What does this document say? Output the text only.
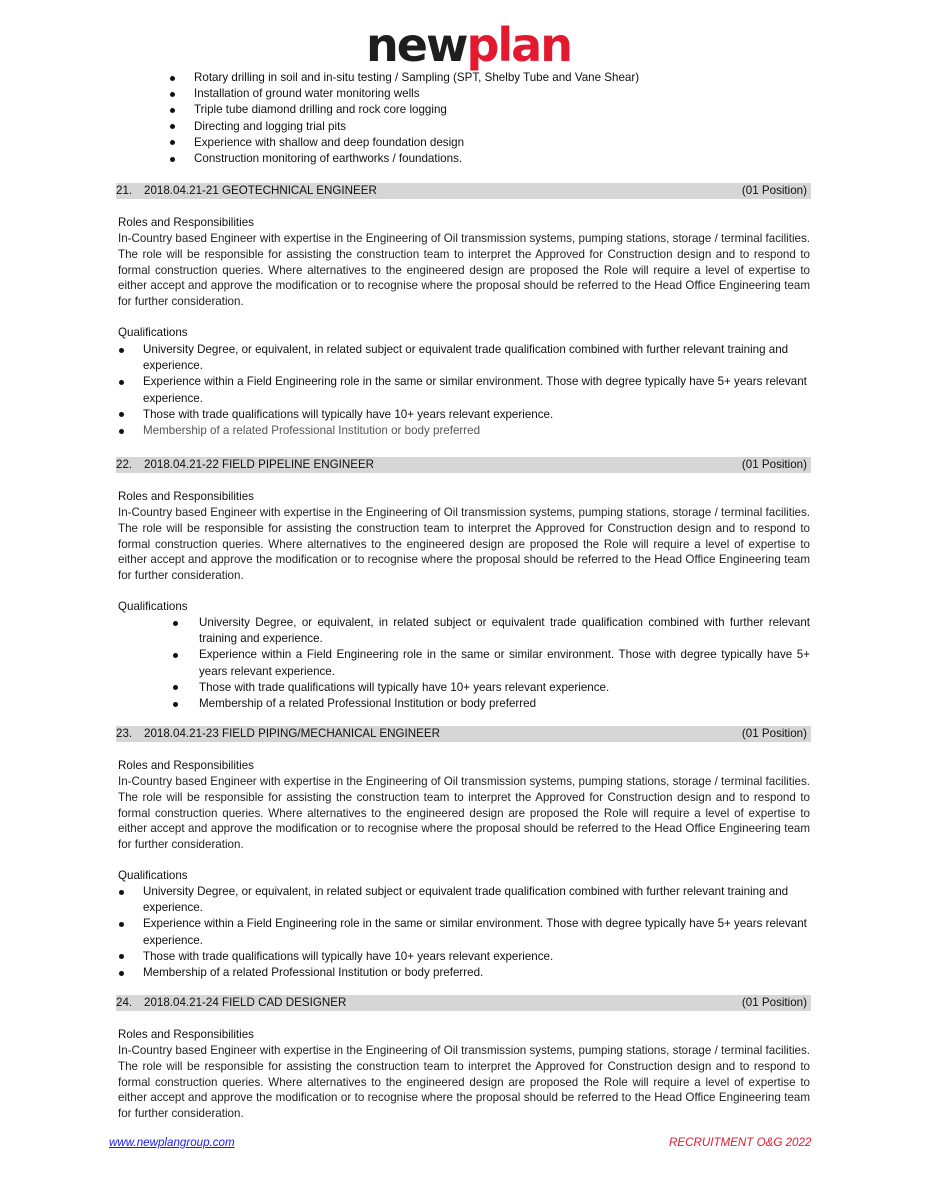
newplan
Rotary drilling in soil and in-situ testing / Sampling (SPT, Shelby Tube and Vane Shear)
Installation of ground water monitoring wells
Triple tube diamond drilling and rock core logging
Directing and logging trial pits
Experience with shallow and deep foundation design
Construction monitoring of earthworks / foundations.
21. 2018.04.21-21 GEOTECHNICAL ENGINEER	(01 Position)
Roles and Responsibilities
In-Country based Engineer with expertise in the Engineering of Oil transmission systems, pumping stations, storage / terminal facilities. The role will be responsible for assisting the construction team to interpret the Approved for Construction design and to respond to formal construction queries. Where alternatives to the engineered design are proposed the Role will require a level of expertise to either accept and approve the modification or to recognise where the proposal should be referred to the Head Office Engineering team for further consideration.
Qualifications
University Degree, or equivalent, in related subject or equivalent trade qualification combined with further relevant training and experience.
Experience within a Field Engineering role in the same or similar environment. Those with degree typically have 5+ years relevant experience.
Those with trade qualifications will typically have 10+ years relevant experience.
Membership of a related Professional Institution or body preferred
22. 2018.04.21-22 FIELD PIPELINE ENGINEER	(01 Position)
Roles and Responsibilities
In-Country based Engineer with expertise in the Engineering of Oil transmission systems, pumping stations, storage / terminal facilities. The role will be responsible for assisting the construction team to interpret the Approved for Construction design and to respond to formal construction queries. Where alternatives to the engineered design are proposed the Role will require a level of expertise to either accept and approve the modification or to recognise where the proposal should be referred to the Head Office Engineering team for further consideration.
Qualifications
University Degree, or equivalent, in related subject or equivalent trade qualification combined with further relevant training and experience.
Experience within a Field Engineering role in the same or similar environment. Those with degree typically have 5+ years relevant experience.
Those with trade qualifications will typically have 10+ years relevant experience.
Membership of a related Professional Institution or body preferred
23. 2018.04.21-23 FIELD PIPING/MECHANICAL ENGINEER	(01 Position)
Roles and Responsibilities
In-Country based Engineer with expertise in the Engineering of Oil transmission systems, pumping stations, storage / terminal facilities. The role will be responsible for assisting the construction team to interpret the Approved for Construction design and to respond to formal construction queries. Where alternatives to the engineered design are proposed the Role will require a level of expertise to either accept and approve the modification or to recognise where the proposal should be referred to the Head Office Engineering team for further consideration.
Qualifications
University Degree, or equivalent, in related subject or equivalent trade qualification combined with further relevant training and experience.
Experience within a Field Engineering role in the same or similar environment. Those with degree typically have 5+ years relevant experience.
Those with trade qualifications will typically have 10+ years relevant experience.
Membership of a related Professional Institution or body preferred.
24. 2018.04.21-24 FIELD CAD DESIGNER	(01 Position)
Roles and Responsibilities
In-Country based Engineer with expertise in the Engineering of Oil transmission systems, pumping stations, storage / terminal facilities. The role will be responsible for assisting the construction team to interpret the Approved for Construction design and to respond to formal construction queries. Where alternatives to the engineered design are proposed the Role will require a level of expertise to either accept and approve the modification or to recognise where the proposal should be referred to the Head Office Engineering team for further consideration.
www.newplangroup.com	RECRUITMENT O&G 2022
